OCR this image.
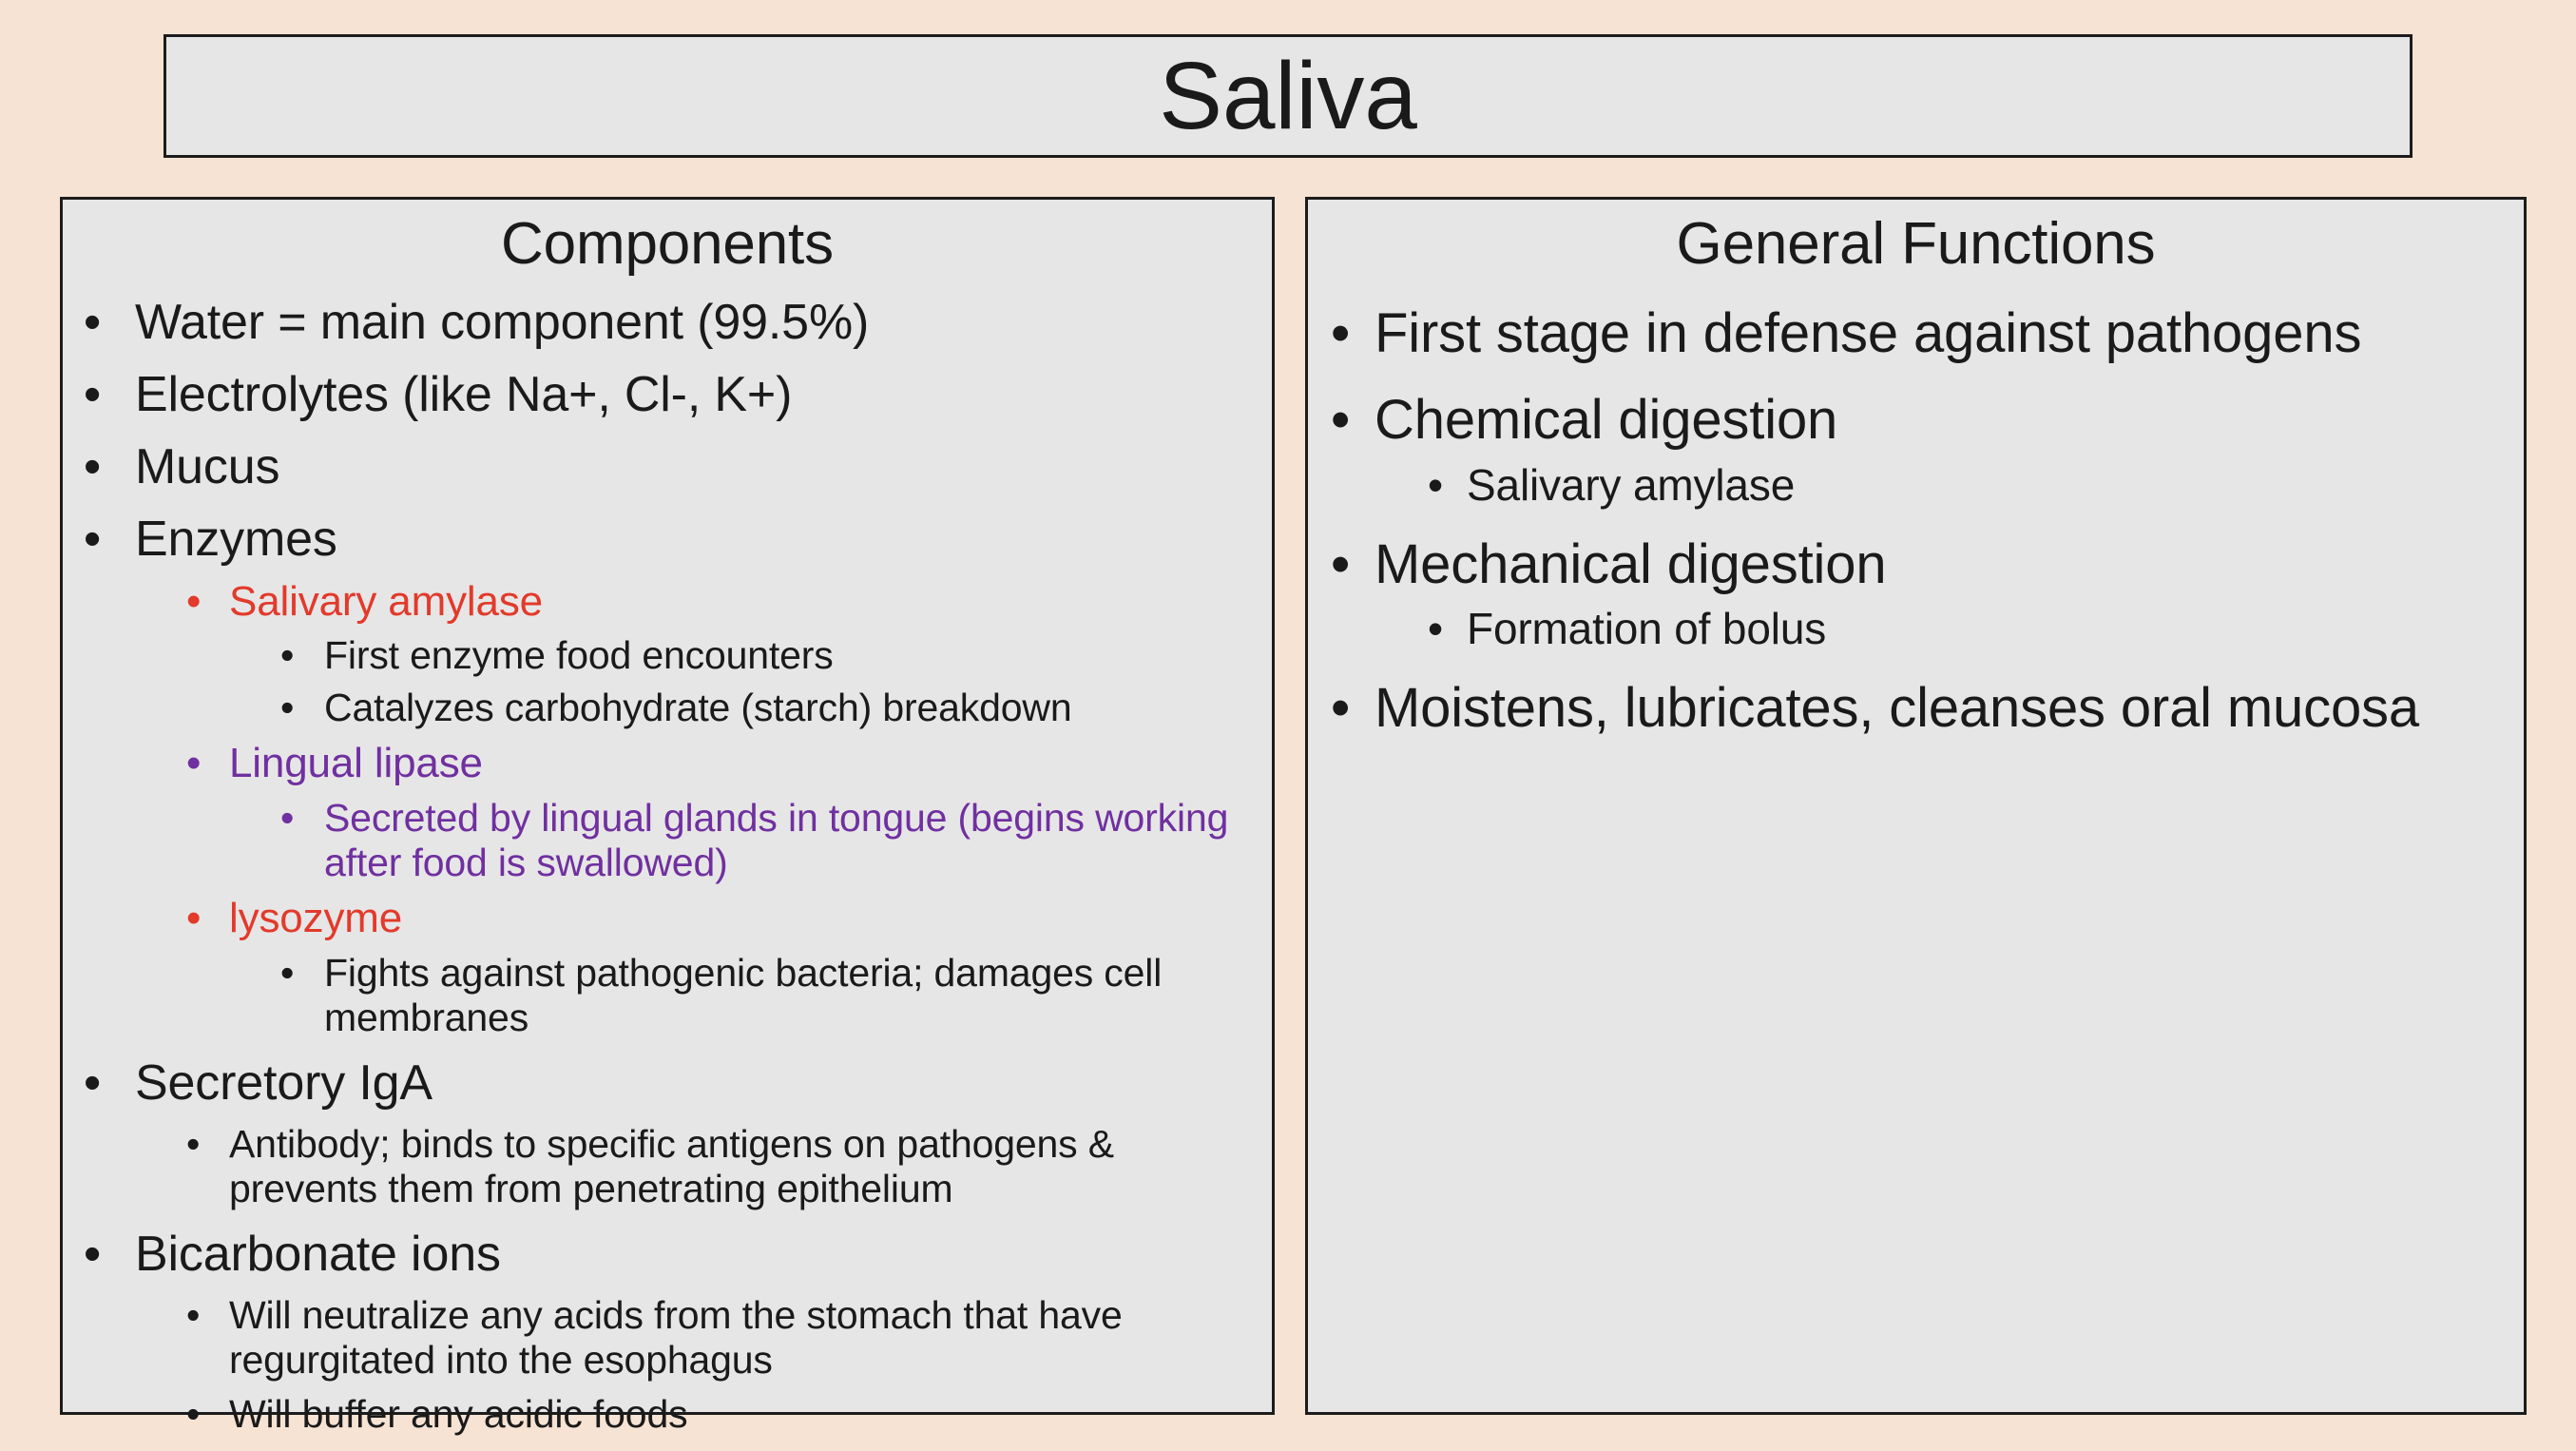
Saliva
Components
• Water = main component (99.5%)
• Electrolytes (like Na+, Cl-, K+)
• Mucus
• Enzymes
• Salivary amylase
• First enzyme food encounters
• Catalyzes carbohydrate (starch) breakdown
• Lingual lipase
• Secreted by lingual glands in tongue (begins working after food is swallowed)
• lysozyme
• Fights against pathogenic bacteria; damages cell membranes
• Secretory IgA
• Antibody; binds to specific antigens on pathogens & prevents them from penetrating epithelium
• Bicarbonate ions
• Will neutralize any acids from the stomach that have regurgitated into the esophagus
• Will buffer any acidic foods
General Functions
• First stage in defense against pathogens
• Chemical digestion
• Salivary amylase
• Mechanical digestion
• Formation of bolus
• Moistens, lubricates, cleanses oral mucosa
